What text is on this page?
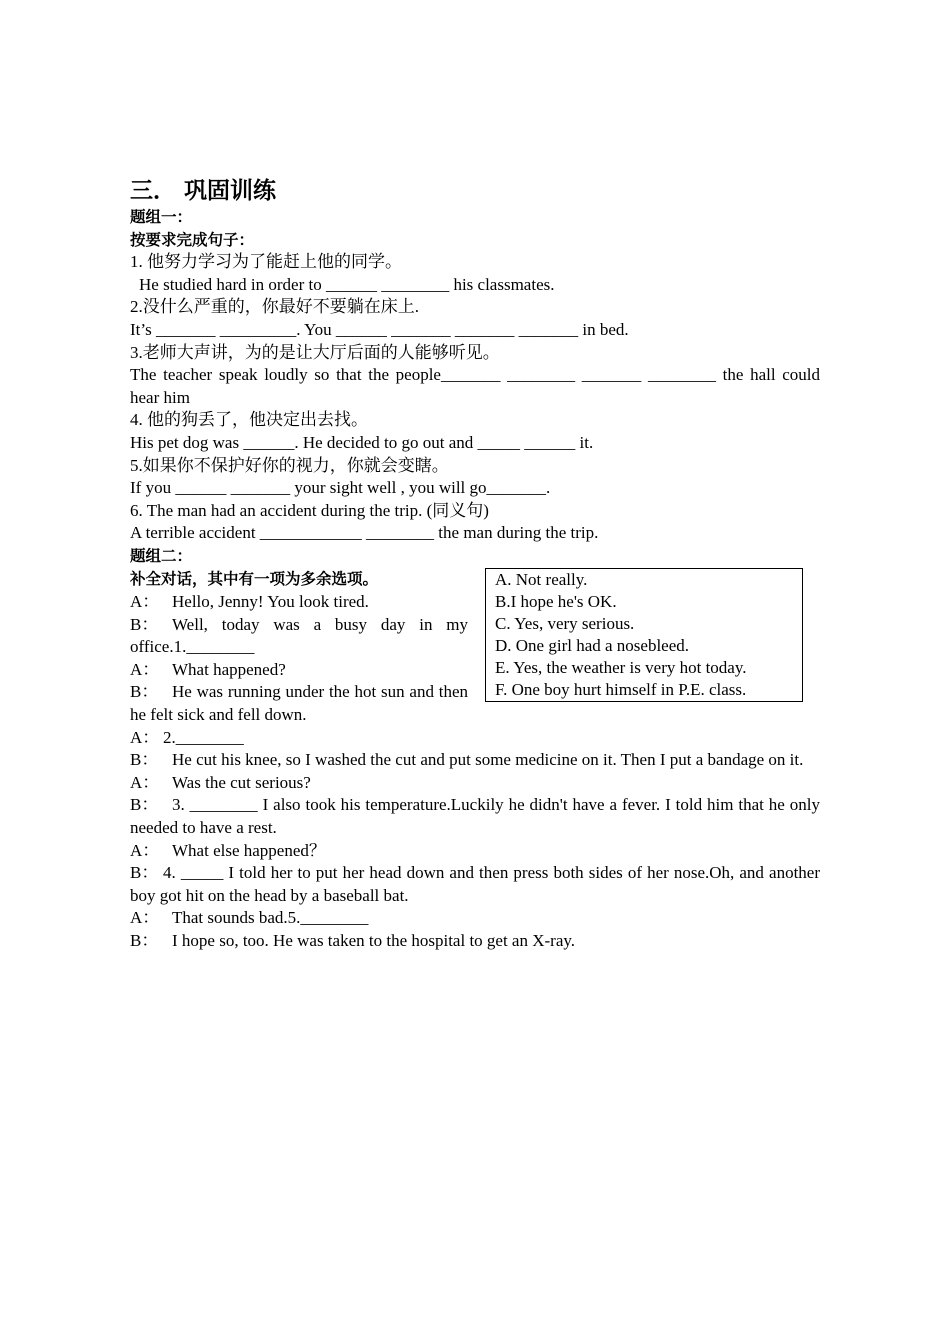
三． 巩固训练
题组一：
按要求完成句子：
1. 他努力学习为了能赶上他的同学。
He studied hard in order to ______ ________ his classmates.
2.没什么严重的，你最好不要躺在床上.
It’s _______ _________. You ______ _______ _______ _______ in bed.
3.老师大声讲，为的是让大厅后面的人能够听见。
The teacher speak loudly so that the people_______ ________ _______ ________ the hall could hear him
4. 他的狗丢了，他决定出去找。
His pet dog was ______. He decided to go out and _____ ______ it.
5.如果你不保护好你的视力，你就会变瞎。
If you ______ _______ your sight well , you will go_______.
6. The man had an accident during the trip. (同义句)
A terrible accident ____________ ________ the man during the trip.
题组二：
补全对话，其中有一项为多余选项。
A： Hello, Jenny! You look tired.
B： Well, today was a busy day in my office.1.________
A： What happened?
B： He was running under the hot sun and then he felt sick and fell down.
A. Not really.
B.I hope he's OK.
C. Yes, very serious.
D. One girl had a nosebleed.
E. Yes, the weather is very hot today.
F. One boy hurt himself in P.E. class.
A： 2.________
B： He cut his knee, so I washed the cut and put some medicine on it. Then I put a bandage on it.
A： Was the cut serious?
B： 3. ________ I also took his temperature.Luckily he didn't have a fever. I told him that he only needed to have a rest.
A： What else happened？
B： 4. _____ I told her to put her head down and then press both sides of her nose.Oh, and another boy got hit on the head by a baseball bat.
A： That sounds bad.5.________
B： I hope so, too. He was taken to the hospital to get an X-ray.
